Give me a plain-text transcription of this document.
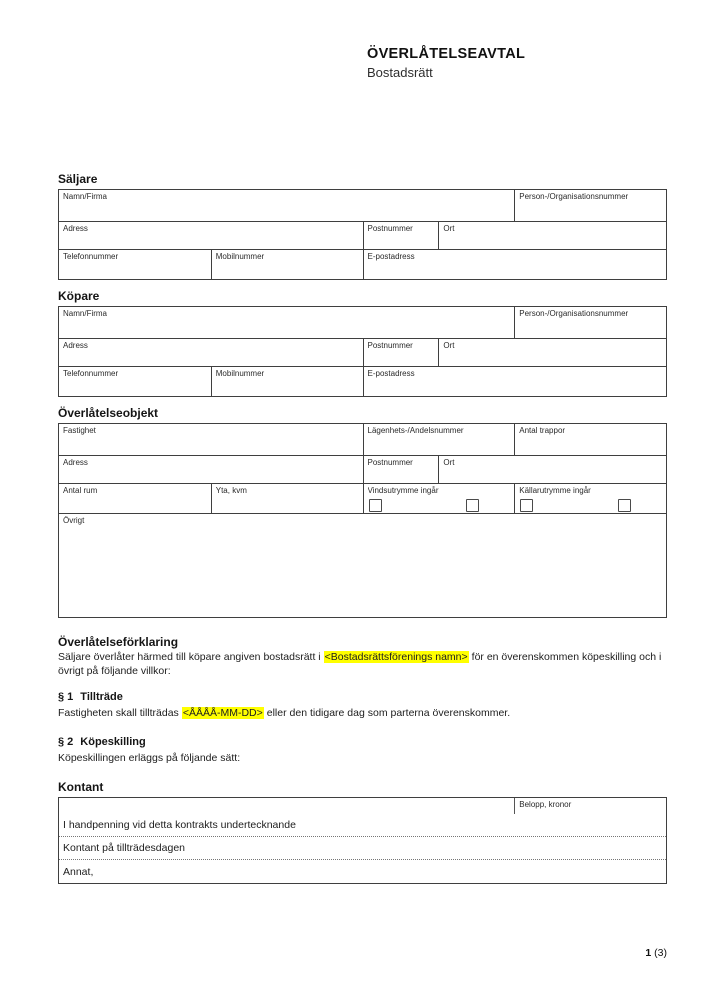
ÖVERLÅTELSEAVTAL
Bostadsrätt
Säljare
Namn/Firma	Person-/Organisationsnummer
Adress	Postnummer	Ort
Telefonnummer	Mobilnummer	E-postadress
Köpare
Namn/Firma	Person-/Organisationsnummer
Adress	Postnummer	Ort
Telefonnummer	Mobilnummer	E-postadress
Överlåtelseobjekt
Fastighet	Lägenhets-/Andelsnummer	Antal trappor
Adress	Postnummer	Ort
Antal rum	Yta, kvm	Vindsutrymme ingår	Källarutrymme ingår
Övrigt
Överlåtelseförklaring
Säljare överlåter härmed till köpare angiven bostadsrätt i <Bostadsrättsförenings namn> för en överenskommen köpeskilling och i övrigt på följande villkor:
§ 1 Tillträde
Fastigheten skall tillträdas <ÅÅÅÅ-MM-DD> eller den tidigare dag som parterna överenskommer.
§ 2 Köpeskilling
Köpeskillingen erläggs på följande sätt:
Kontant
Belopp, kronor
I handpenning vid detta kontrakts undertecknande
Kontant på tillträdesdagen
Annat,
1 (3)
